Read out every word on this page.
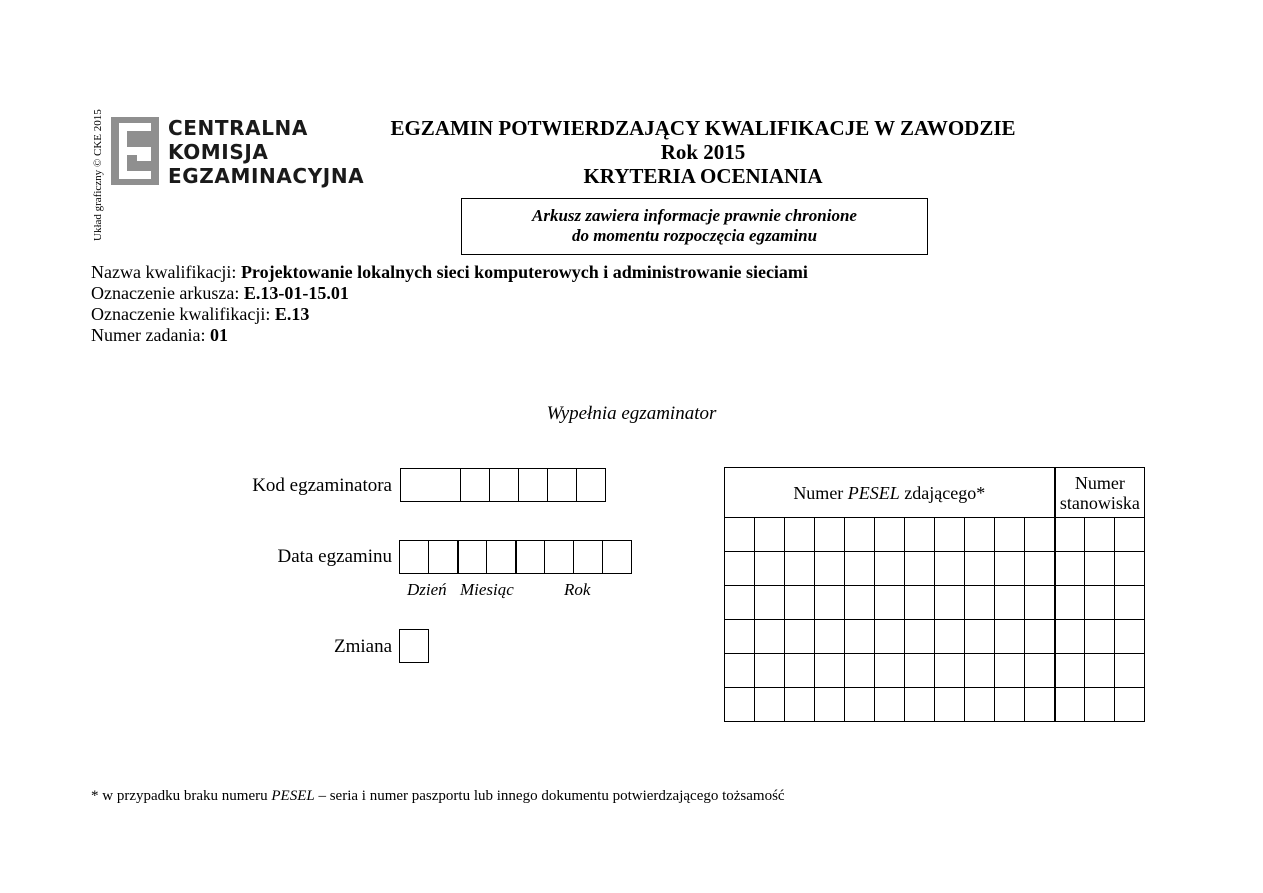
Układ graficzny © CKE 2015	CENTRALNA
KOMISJA
EGZAMINACYJNA
EGZAMIN POTWIERDZAJĄCY KWALIFIKACJE W ZAWODZIE
Rok 2015
KRYTERIA OCENIANIA
Arkusz zawiera informacje prawnie chronione
do momentu rozpoczęcia egzaminu
Nazwa kwalifikacji: Projektowanie lokalnych sieci komputerowych i administrowanie sieciami
Oznaczenie arkusza: E.13-01-15.01
Oznaczenie kwalifikacji: E.13
Numer zadania: 01
Wypełnia egzaminator
Kod egzaminatora
Data egzaminu
Dzień Miesiąc	Rok
Zmiana
Numer PESEL zdającego*											Numer
stanowiska		

* w przypadku braku numeru PESEL – seria i numer paszportu lub innego dokumentu potwierdzającego tożsamość
